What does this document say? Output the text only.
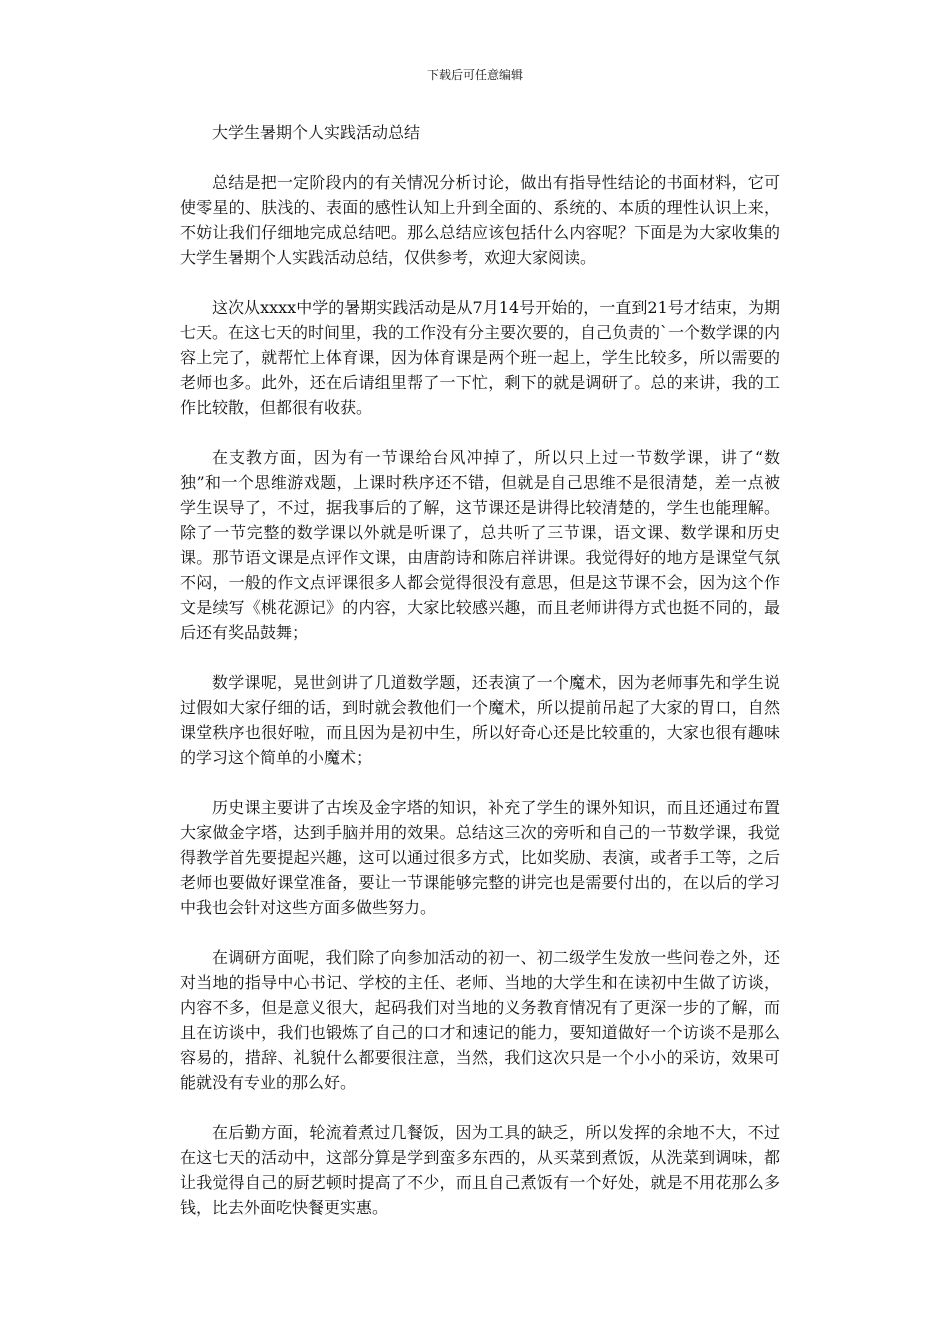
下载后可任意编辑
大学生暑期个人实践活动总结

总结是把一定阶段内的有关情况分析讨论，做出有指导性结论的书面材料，它可使零星的、肤浅的、表面的感性认知上升到全面的、系统的、本质的理性认识上来，不妨让我们仔细地完成总结吧。那么总结应该包括什么内容呢？下面是为大家收集的大学生暑期个人实践活动总结，仅供参考，欢迎大家阅读。

这次从xxxx中学的暑期实践活动是从7月14号开始的，一直到21号才结束，为期七天。在这七天的时间里，我的工作没有分主要次要的，自己负责的`一个数学课的内容上完了，就帮忙上体育课，因为体育课是两个班一起上，学生比较多，所以需要的老师也多。此外，还在后请组里帮了一下忙，剩下的就是调研了。总的来讲，我的工作比较散，但都很有收获。

在支教方面，因为有一节课给台风冲掉了，所以只上过一节数学课，讲了“数独”和一个思维游戏题，上课时秩序还不错，但就是自己思维不是很清楚，差一点被学生误导了，不过，据我事后的了解，这节课还是讲得比较清楚的，学生也能理解。除了一节完整的数学课以外就是听课了，总共听了三节课，语文课、数学课和历史课。那节语文课是点评作文课，由唐韵诗和陈启祥讲课。我觉得好的地方是课堂气氛不闷，一般的作文点评课很多人都会觉得很没有意思，但是这节课不会，因为这个作文是续写《桃花源记》的内容，大家比较感兴趣，而且老师讲得方式也挺不同的，最后还有奖品鼓舞；

数学课呢，晃世剑讲了几道数学题，还表演了一个魔术，因为老师事先和学生说过假如大家仔细的话，到时就会教他们一个魔术，所以提前吊起了大家的胃口，自然课堂秩序也很好啦，而且因为是初中生，所以好奇心还是比较重的，大家也很有趣味的学习这个简单的小魔术；

历史课主要讲了古埃及金字塔的知识，补充了学生的课外知识，而且还通过布置大家做金字塔，达到手脑并用的效果。总结这三次的旁听和自己的一节数学课，我觉得教学首先要提起兴趣，这可以通过很多方式，比如奖励、表演，或者手工等，之后老师也要做好课堂准备，要让一节课能够完整的讲完也是需要付出的，在以后的学习中我也会针对这些方面多做些努力。

在调研方面呢，我们除了向参加活动的初一、初二级学生发放一些问卷之外，还对当地的指导中心书记、学校的主任、老师、当地的大学生和在读初中生做了访谈，内容不多，但是意义很大，起码我们对当地的义务教育情况有了更深一步的了解，而且在访谈中，我们也锻炼了自己的口才和速记的能力，要知道做好一个访谈不是那么容易的，措辞、礼貌什么都要很注意，当然，我们这次只是一个小小的采访，效果可能就没有专业的那么好。

在后勤方面，轮流着煮过几餐饭，因为工具的缺乏，所以发挥的余地不大，不过在这七天的活动中，这部分算是学到蛮多东西的，从买菜到煮饭，从洗菜到调味，都让我觉得自己的厨艺顿时提高了不少，而且自己煮饭有一个好处，就是不用花那么多钱，比去外面吃快餐更实惠。
